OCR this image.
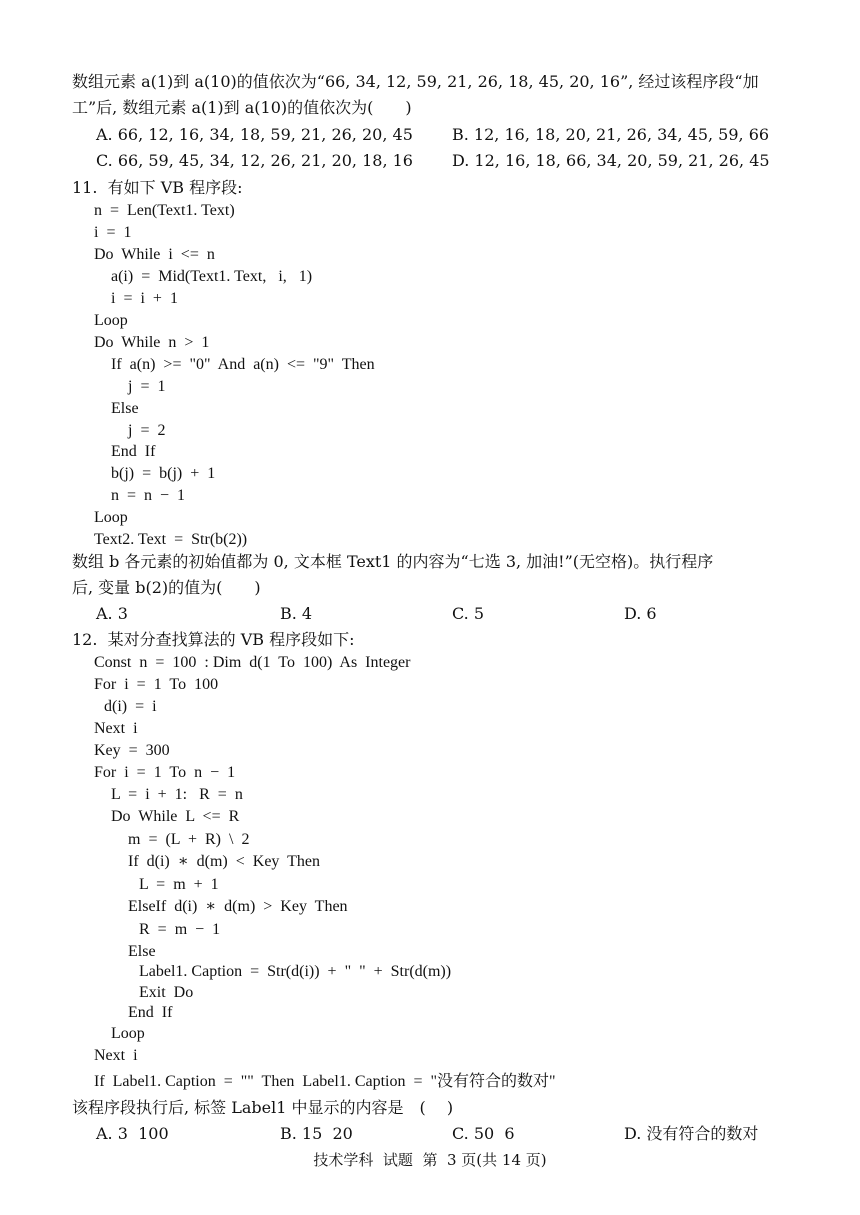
数组元素 a(1)到 a(10)的值依次为“66, 34, 12, 59, 21, 26, 18, 45, 20, 16”, 经过该程序段“加
工”后, 数组元素 a(1)到 a(10)的值依次为(　　)
A. 66, 12, 16, 34, 18, 59, 21, 26, 20, 45 B. 12, 16, 18, 20, 21, 26, 34, 45, 59, 66
C. 66, 59, 45, 34, 12, 26, 21, 20, 18, 16 D. 12, 16, 18, 66, 34, 20, 59, 21, 26, 45
11.  有如下 VB 程序段:
n  =  Len(Text1. Text)
i  =  1
Do  While  i  <=  n
a(i)  =  Mid(Text1. Text,   i,   1)
i  =  i  +  1
Loop
Do  While  n  >  1
If  a(n)  >=  "0"  And  a(n)  <=  "9"  Then
j  =  1
Else
j  =  2
End  If
b(j)  =  b(j)  +  1
n  =  n  −  1
Loop
Text2. Text  =  Str(b(2))
数组 b 各元素的初始值都为 0, 文本框 Text1 的内容为“七选 3, 加油!”(无空格)。执行程序
后, 变量 b(2)的值为(　　)
A. 3	B. 4	C. 5	D. 6
12.  某对分查找算法的 VB 程序段如下:
Const  n  =  100  : Dim  d(1  To  100)  As  Integer
For  i  =  1  To  100
d(i)  =  i
Next  i
Key  =  300
For  i  =  1  To  n  −  1
L  =  i  +  1:   R  =  n
Do  While  L  <=  R
m  =  (L  +  R)  \  2
If  d(i)  ∗  d(m)  <  Key  Then
L  =  m  +  1
ElseIf  d(i)  ∗  d(m)  >  Key  Then
R  =  m  −  1
Else
Label1. Caption  =  Str(d(i))  +  "  "  +  Str(d(m))
Exit  Do
End  If
Loop
Next  i
If  Label1. Caption  =  ""  Then  Label1. Caption  =  "没有符合的数对"
该程序段执行后, 标签 Label1 中显示的内容是　(　 )
A. 3  100	B. 15  20	C. 50  6	D. 没有符合的数对
技术学科  试题  第  3 页(共 14 页)
